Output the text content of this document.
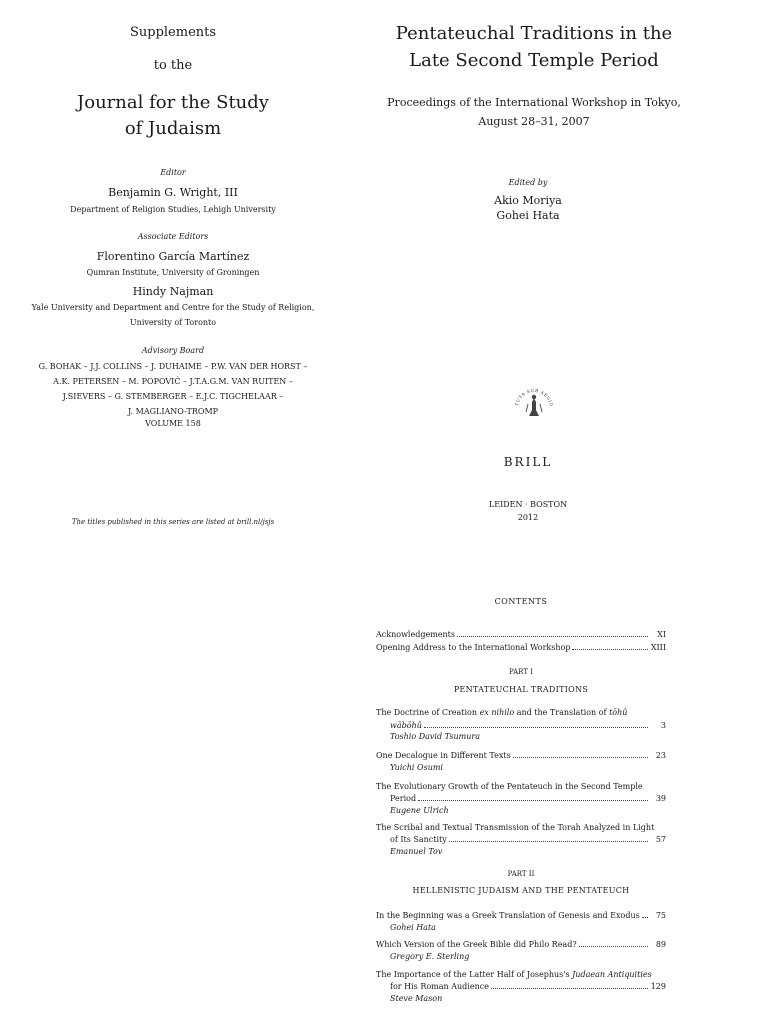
Supplements
to the
Journal for the Study
of Judaism
Editor
Benjamin G. Wright, III
Department of Religion Studies, Lehigh University
Associate Editors
Florentino García Martínez
Qumran Institute, University of Groningen
Hindy Najman
Yale University and Department and Centre for the Study of Religion,
University of Toronto
Advisory Board
G. BOHAK – J.J. COLLINS – J. DUHAIME – P.W. VAN DER HORST –
A.K. PETERSEN – M. POPOVIĆ – J.T.A.G.M. VAN RUITEN –
J.SIEVERS – G. STEMBERGER – E.J.C. TIGCHELAAR –
J. MAGLIANO-TROMP
VOLUME 158
The titles published in this series are listed at brill.nl/jsjs
Pentateuchal Traditions in the
Late Second Temple Period
Proceedings of the International Workshop in Tokyo,
August 28–31, 2007
Edited by
Akio Moriya
Gohei Hata
TUTA SUB AEGID
BRILL
LEIDEN · BOSTON
2012
CONTENTS
Acknowledgements	XI
Opening Address to the International Workshop	XIII
PART I
PENTATEUCHAL TRADITIONS
The Doctrine of Creation ex nihilo and the Translation of tōhû
wābōhû	3
Toshio David Tsumura
One Decalogue in Different Texts	23
Yuichi Osumi
The Evolutionary Growth of the Pentateuch in the Second Temple
Period	39
Eugene Ulrich
The Scribal and Textual Transmission of the Torah Analyzed in Light
of Its Sanctity	57
Emanuel Tov
PART II
HELLENISTIC JUDAISM AND THE PENTATEUCH
In the Beginning was a Greek Translation of Genesis and Exodus	75
Gohei Hata
Which Version of the Greek Bible did Philo Read?	89
Gregory E. Sterling
The Importance of the Latter Half of Josephus's Judaean Antiquities
for His Roman Audience	129
Steve Mason
